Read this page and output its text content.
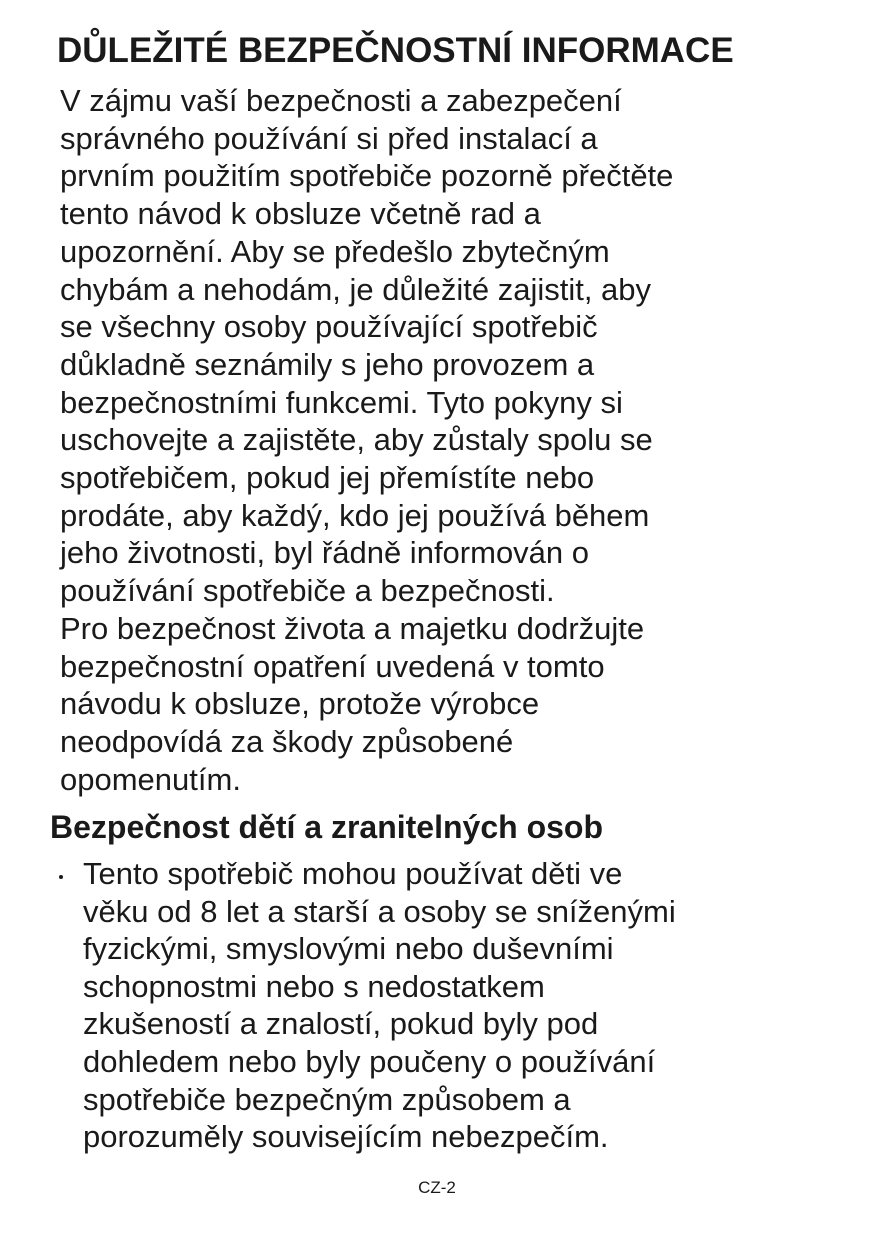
DŮLEŽITÉ BEZPEČNOSTNÍ INFORMACE
V zájmu vaší bezpečnosti a zabezpečení
správného používání si před instalací a
prvním použitím spotřebiče pozorně přečtěte
tento návod k obsluze včetně rad a
upozornění. Aby se předešlo zbytečným
chybám a nehodám, je důležité zajistit, aby
se všechny osoby používající spotřebič
důkladně seznámily s jeho provozem a
bezpečnostními funkcemi. Tyto pokyny si
uschovejte a zajistěte, aby zůstaly spolu se
spotřebičem, pokud jej přemístíte nebo
prodáte, aby každý, kdo jej používá během
jeho životnosti, byl řádně informován o
používání spotřebiče a bezpečnosti.
Pro bezpečnost života a majetku dodržujte
bezpečnostní opatření uvedená v tomto
návodu k obsluze, protože výrobce
neodpovídá za škody způsobené
opomenutím.
Bezpečnost dětí a zranitelných osob
Tento spotřebič mohou používat děti ve
věku od 8 let a starší a osoby se sníženými
fyzickými, smyslovými nebo duševními
schopnostmi nebo s nedostatkem
zkušeností a znalostí, pokud byly pod
dohledem nebo byly poučeny o používání
spotřebiče bezpečným způsobem a
porozuměly souvisejícím nebezpečím.
CZ-2
